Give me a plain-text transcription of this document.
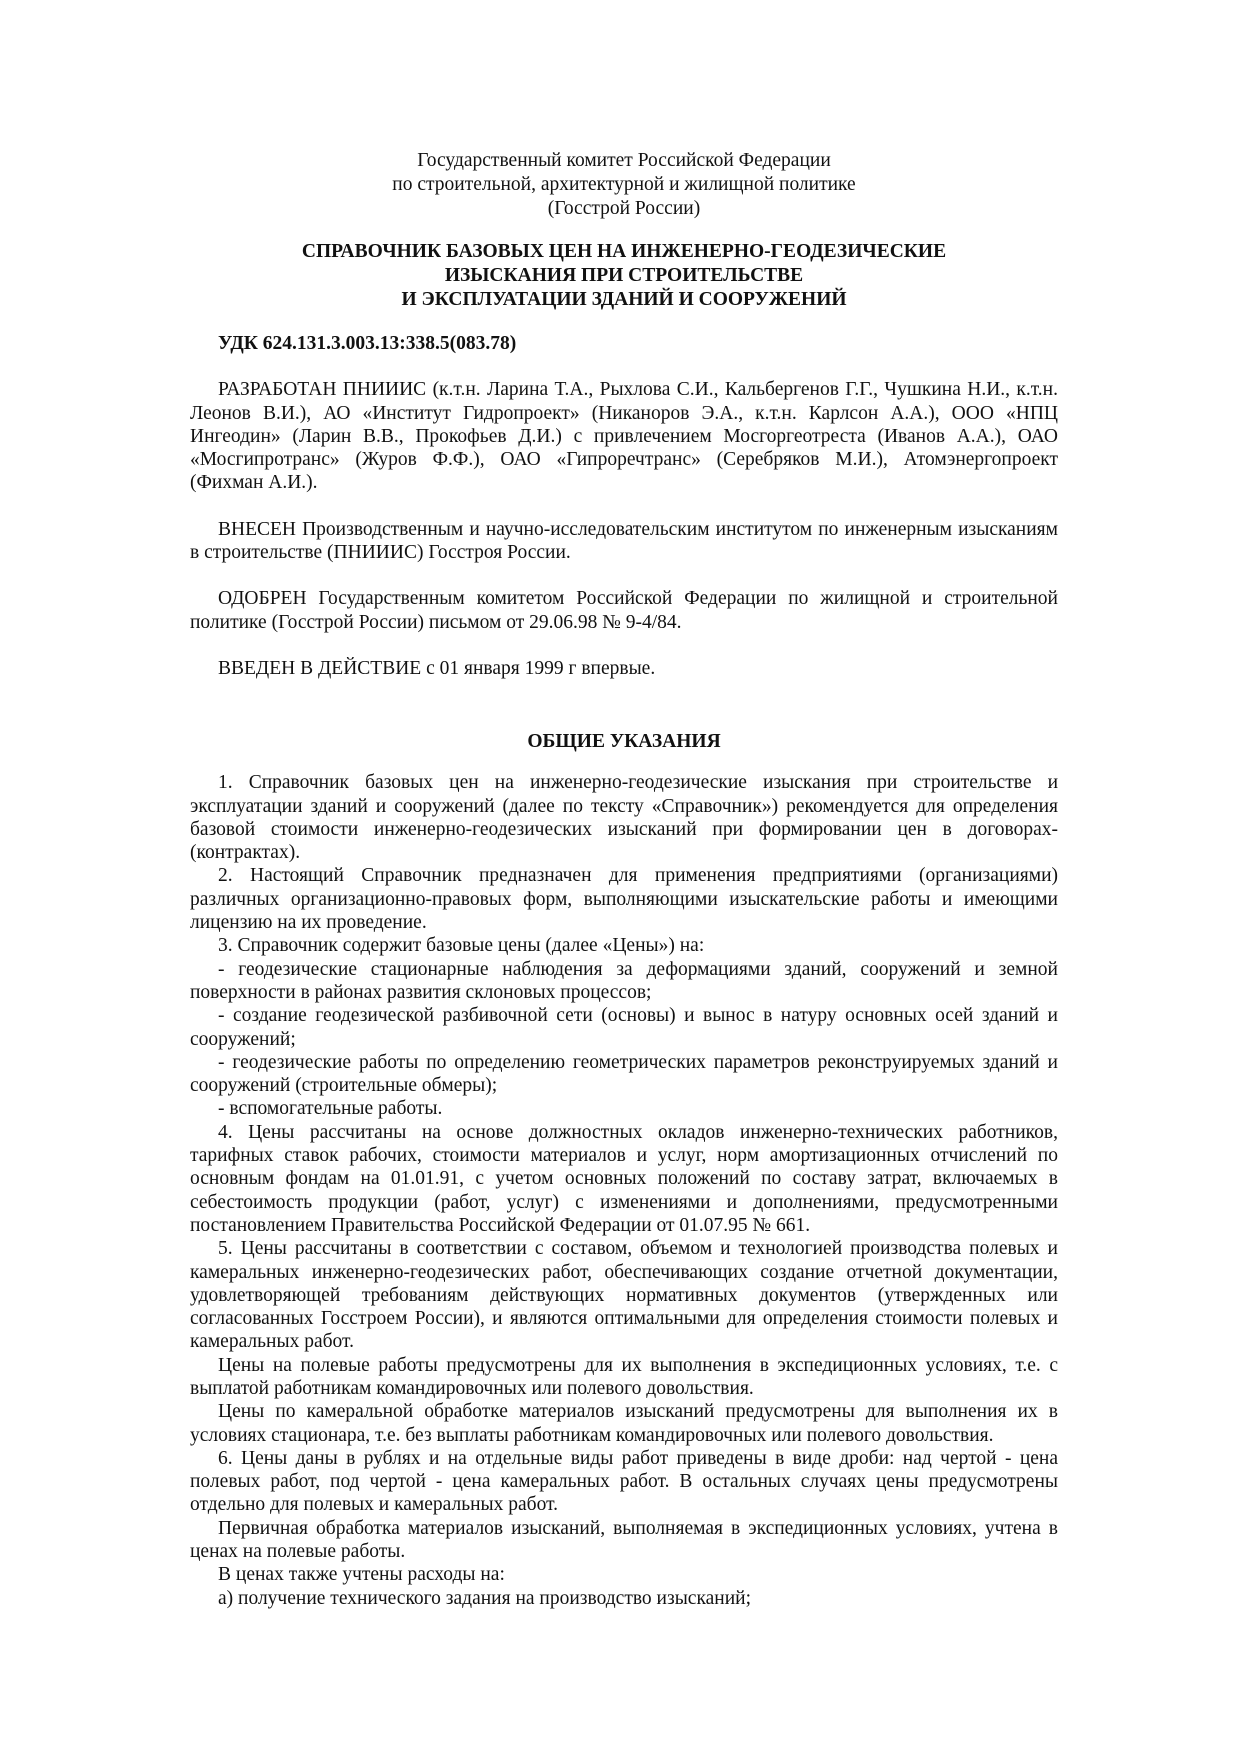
Государственный комитет Российской Федерации
по строительной, архитектурной и жилищной политике
(Госстрой России)
СПРАВОЧНИК БАЗОВЫХ ЦЕН НА ИНЖЕНЕРНО-ГЕОДЕЗИЧЕСКИЕ
ИЗЫСКАНИЯ ПРИ СТРОИТЕЛЬСТВЕ
И ЭКСПЛУАТАЦИИ ЗДАНИЙ И СООРУЖЕНИЙ

УДК 624.131.3.003.13:338.5(083.78)

РАЗРАБОТАН ПНИИИС (к.т.н. Ларина Т.А., Рыхлова С.И., Кальбергенов Г.Г., Чушкина Н.И., к.т.н. Леонов В.И.), АО «Институт Гидропроект» (Никаноров Э.А., к.т.н. Карлсон А.А.), ООО «НПЦ Ингеодин» (Ларин В.В., Прокофьев Д.И.) с привлечением Мосгоргеотреста (Иванов А.А.), ОАО «Мосгипротранс» (Журов Ф.Ф.), ОАО «Гипроречтранс» (Серебряков М.И.), Атомэнергопроект (Фихман А.И.).

ВНЕСЕН Производственным и научно-исследовательским институтом по инженерным изысканиям в строительстве (ПНИИИС) Госстроя России.

ОДОБРЕН Государственным комитетом Российской Федерации по жилищной и строительной политике (Госстрой России) письмом от 29.06.98 № 9-4/84.

ВВЕДЕН В ДЕЙСТВИЕ с 01 января 1999 г впервые.

ОБЩИЕ УКАЗАНИЯ

1. Справочник базовых цен на инженерно-геодезические изыскания при строительстве и эксплуатации зданий и сооружений (далее по тексту «Справочник») рекомендуется для определения базовой стоимости инженерно-геодезических изысканий при формировании цен в договорах-(контрактах).

2. Настоящий Справочник предназначен для применения предприятиями (организациями) различных организационно-правовых форм, выполняющими изыскательские работы и имеющими лицензию на их проведение.

3. Справочник содержит базовые цены (далее «Цены») на:

- геодезические стационарные наблюдения за деформациями зданий, сооружений и земной поверхности в районах развития склоновых процессов;

- создание геодезической разбивочной сети (основы) и вынос в натуру основных осей зданий и сооружений;

- геодезические работы по определению геометрических параметров реконструируемых зданий и сооружений (строительные обмеры);

- вспомогательные работы.

4. Цены рассчитаны на основе должностных окладов инженерно-технических работников, тарифных ставок рабочих, стоимости материалов и услуг, норм амортизационных отчислений по основным фондам на 01.01.91, с учетом основных положений по составу затрат, включаемых в себестоимость продукции (работ, услуг) с изменениями и дополнениями, предусмотренными постановлением Правительства Российской Федерации от 01.07.95 № 661.

5. Цены рассчитаны в соответствии с составом, объемом и технологией производства полевых и камеральных инженерно-геодезических работ, обеспечивающих создание отчетной документации, удовлетворяющей требованиям действующих нормативных документов (утвержденных или согласованных Госстроем России), и являются оптимальными для определения стоимости полевых и камеральных работ.

Цены на полевые работы предусмотрены для их выполнения в экспедиционных условиях, т.е. с выплатой работникам командировочных или полевого довольствия.

Цены по камеральной обработке материалов изысканий предусмотрены для выполнения их в условиях стационара, т.е. без выплаты работникам командировочных или полевого довольствия.

6. Цены даны в рублях и на отдельные виды работ приведены в виде дроби: над чертой - цена полевых работ, под чертой - цена камеральных работ. В остальных случаях цены предусмотрены отдельно для полевых и камеральных работ.

Первичная обработка материалов изысканий, выполняемая в экспедиционных условиях, учтена в ценах на полевые работы.

В ценах также учтены расходы на:

а) получение технического задания на производство изысканий;
